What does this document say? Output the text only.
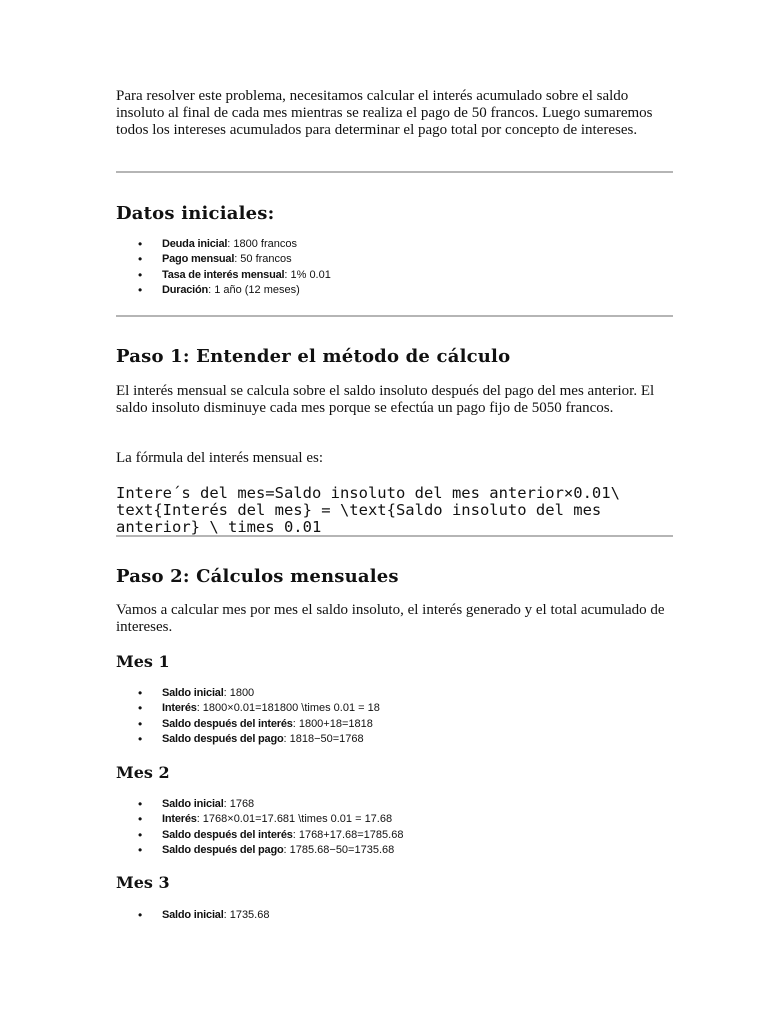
Para resolver este problema, necesitamos calcular el interés acumulado sobre el saldo insoluto al final de cada mes mientras se realiza el pago de 50 francos. Luego sumaremos todos los intereses acumulados para determinar el pago total por concepto de intereses.

Datos iniciales:
• Deuda inicial: 1800 francos
• Pago mensual: 50 francos
• Tasa de interés mensual: 1% 0.01
• Duración: 1 año (12 meses)
Paso 1: Entender el método de cálculo

El interés mensual se calcula sobre el saldo insoluto después del pago del mes anterior. El saldo insoluto disminuye cada mes porque se efectúa un pago fijo de 5050 francos.

La fórmula del interés mensual es:

Intere´s del mes=Saldo insoluto del mes anterior×0.01\ text{Interés del mes} = \text{Saldo insoluto del mes anterior} \ times 0.01
Paso 2: Cálculos mensuales

Vamos a calcular mes por mes el saldo insoluto, el interés generado y el total acumulado de intereses.

Mes 1
• Saldo inicial: 1800
• Interés: 1800×0.01=181800 \times 0.01 = 18
• Saldo después del interés: 1800+18=1818
• Saldo después del pago: 1818−50=1768
Mes 2
• Saldo inicial: 1768
• Interés: 1768×0.01=17.681 \times 0.01 = 17.68
• Saldo después del interés: 1768+17.68=1785.68
• Saldo después del pago: 1785.68−50=1735.68
Mes 3
• Saldo inicial: 1735.68
